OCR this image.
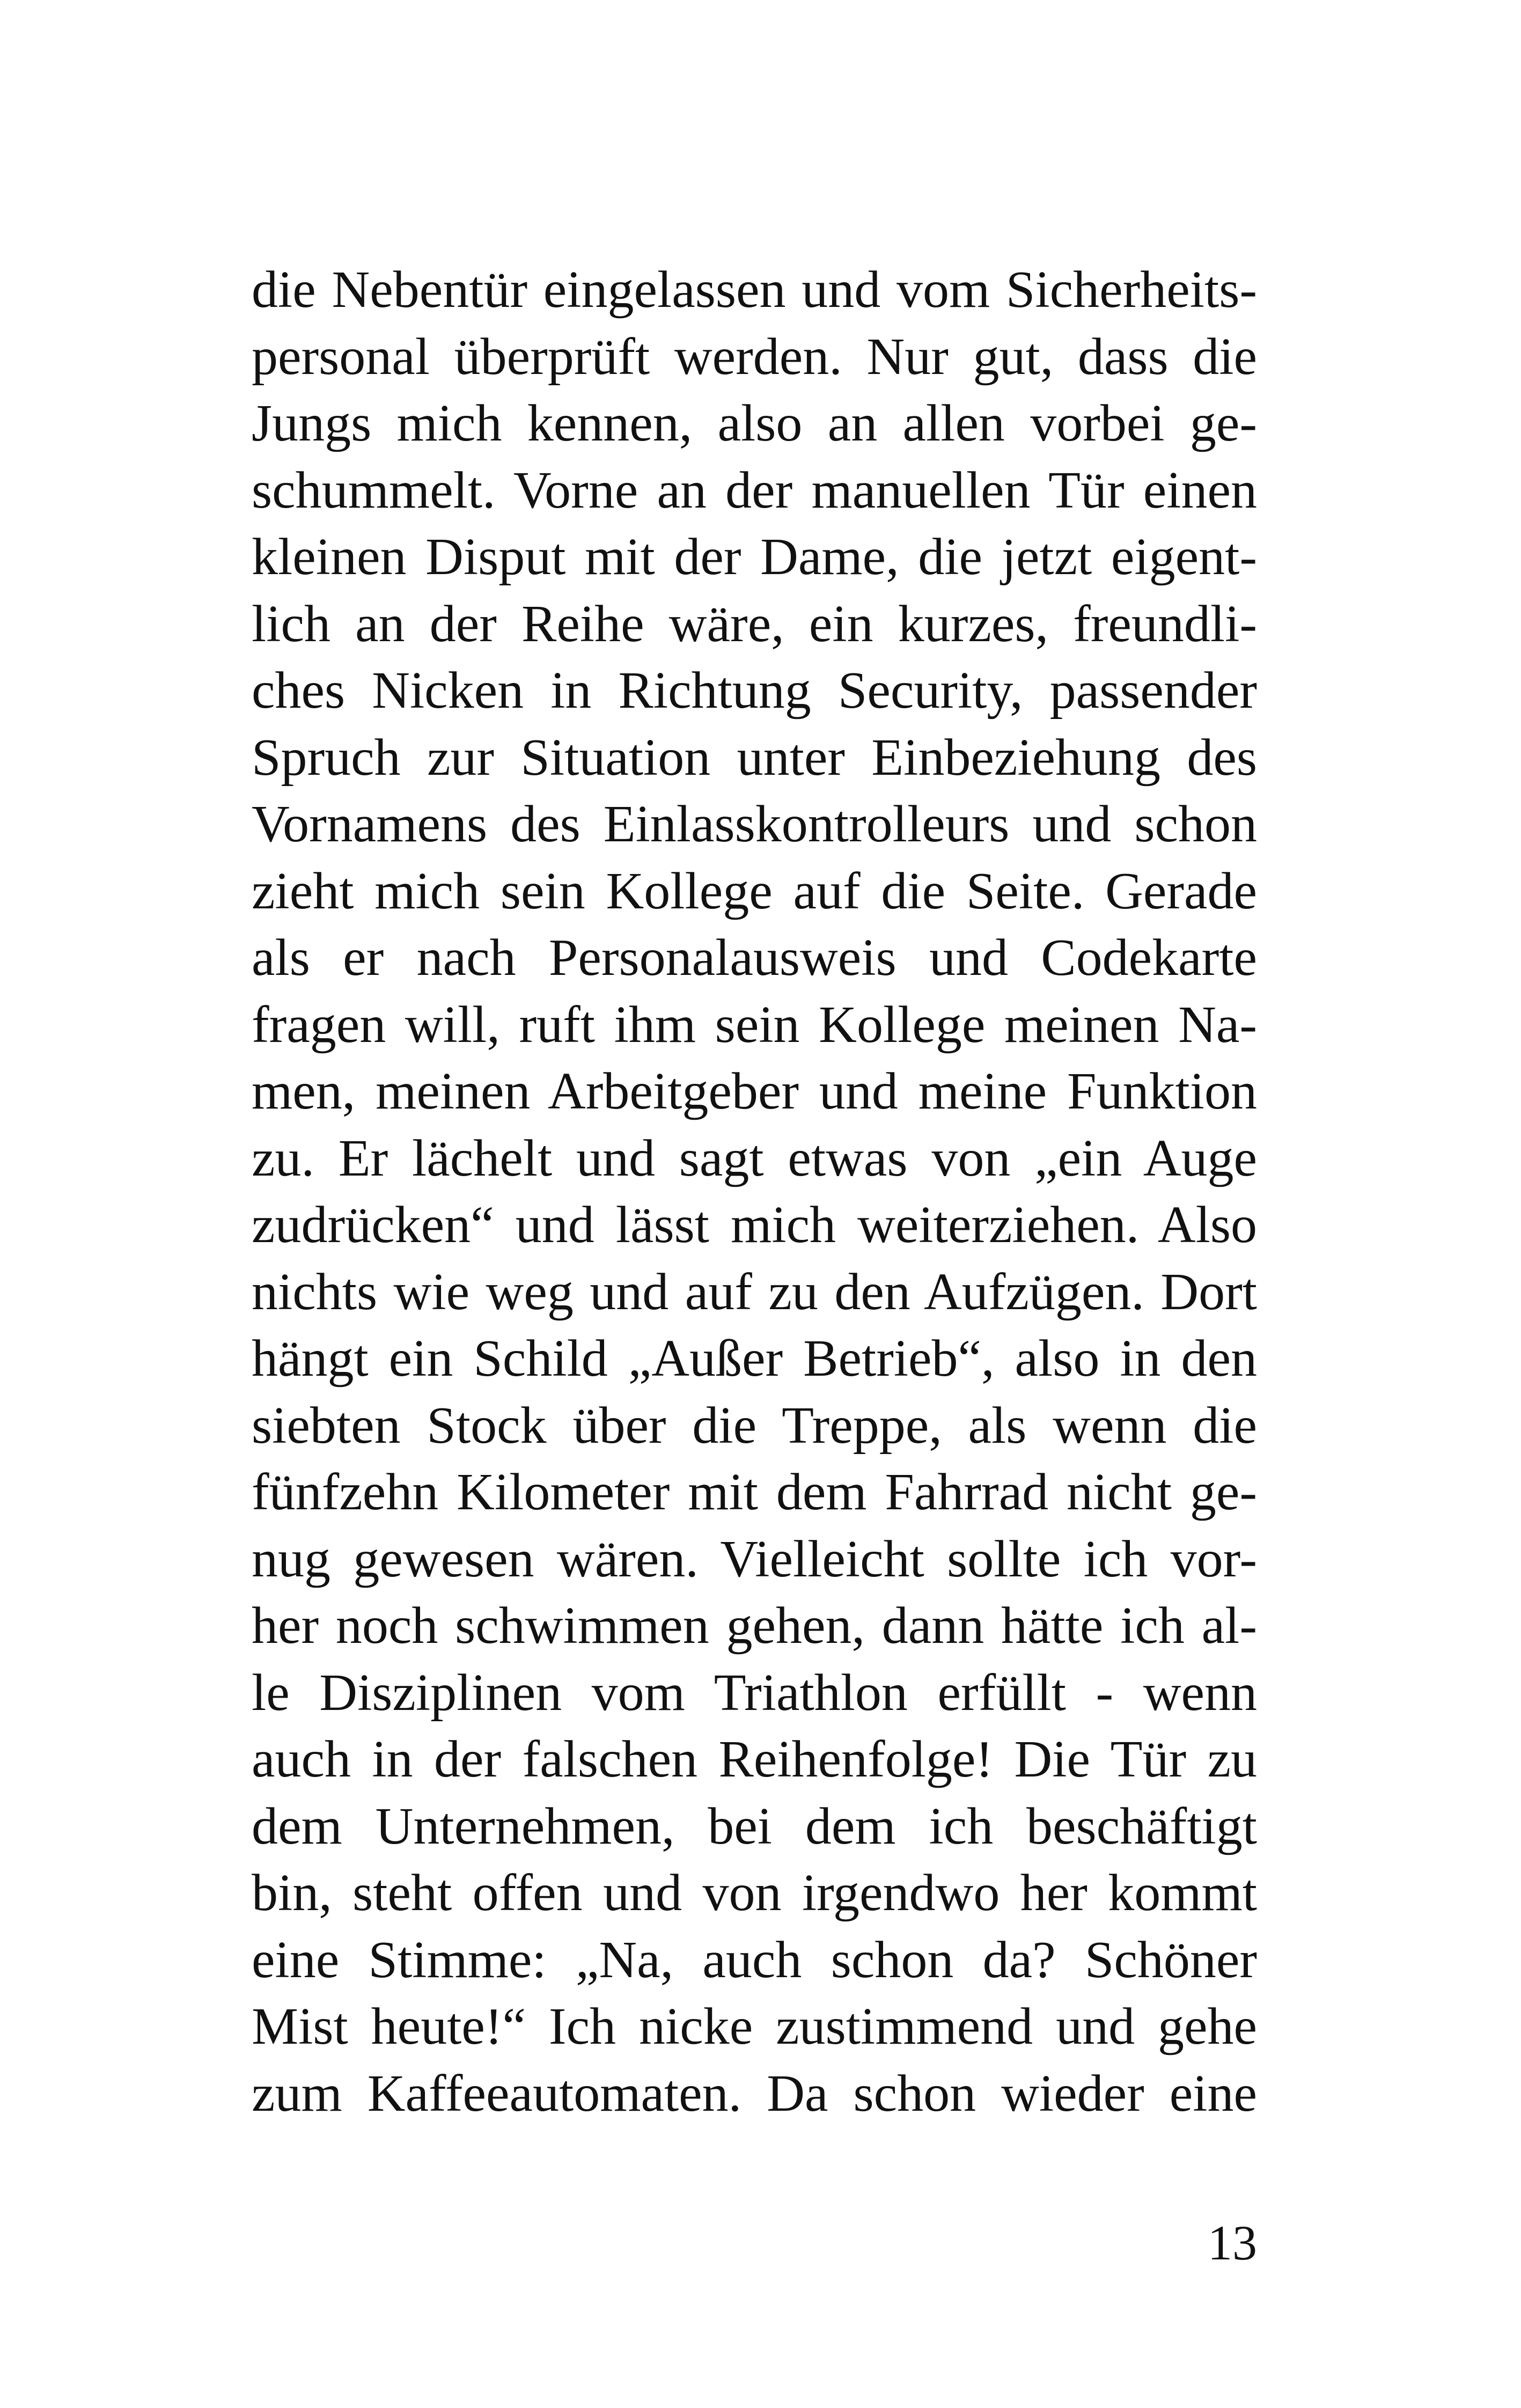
die Nebentür eingelassen und vom Sicherheits-
personal überprüft werden. Nur gut, dass die
Jungs mich kennen, also an allen vorbei ge-
schummelt. Vorne an der manuellen Tür einen
kleinen Disput mit der Dame, die jetzt eigent-
lich an der Reihe wäre, ein kurzes, freundli-
ches Nicken in Richtung Security, passender
Spruch zur Situation unter Einbeziehung des
Vornamens des Einlasskontrolleurs und schon
zieht mich sein Kollege auf die Seite. Gerade
als er nach Personalausweis und Codekarte
fragen will, ruft ihm sein Kollege meinen Na-
men, meinen Arbeitgeber und meine Funktion
zu. Er lächelt und sagt etwas von „ein Auge
zudrücken“ und lässt mich weiterziehen. Also
nichts wie weg und auf zu den Aufzügen. Dort
hängt ein Schild „Außer Betrieb“, also in den
siebten Stock über die Treppe, als wenn die
fünfzehn Kilometer mit dem Fahrrad nicht ge-
nug gewesen wären. Vielleicht sollte ich vor-
her noch schwimmen gehen, dann hätte ich al-
le Disziplinen vom Triathlon erfüllt - wenn
auch in der falschen Reihenfolge! Die Tür zu
dem Unternehmen, bei dem ich beschäftigt
bin, steht offen und von irgendwo her kommt
eine Stimme: „Na, auch schon da? Schöner
Mist heute!“ Ich nicke zustimmend und gehe
zum Kaffeeautomaten. Da schon wieder eine
13
